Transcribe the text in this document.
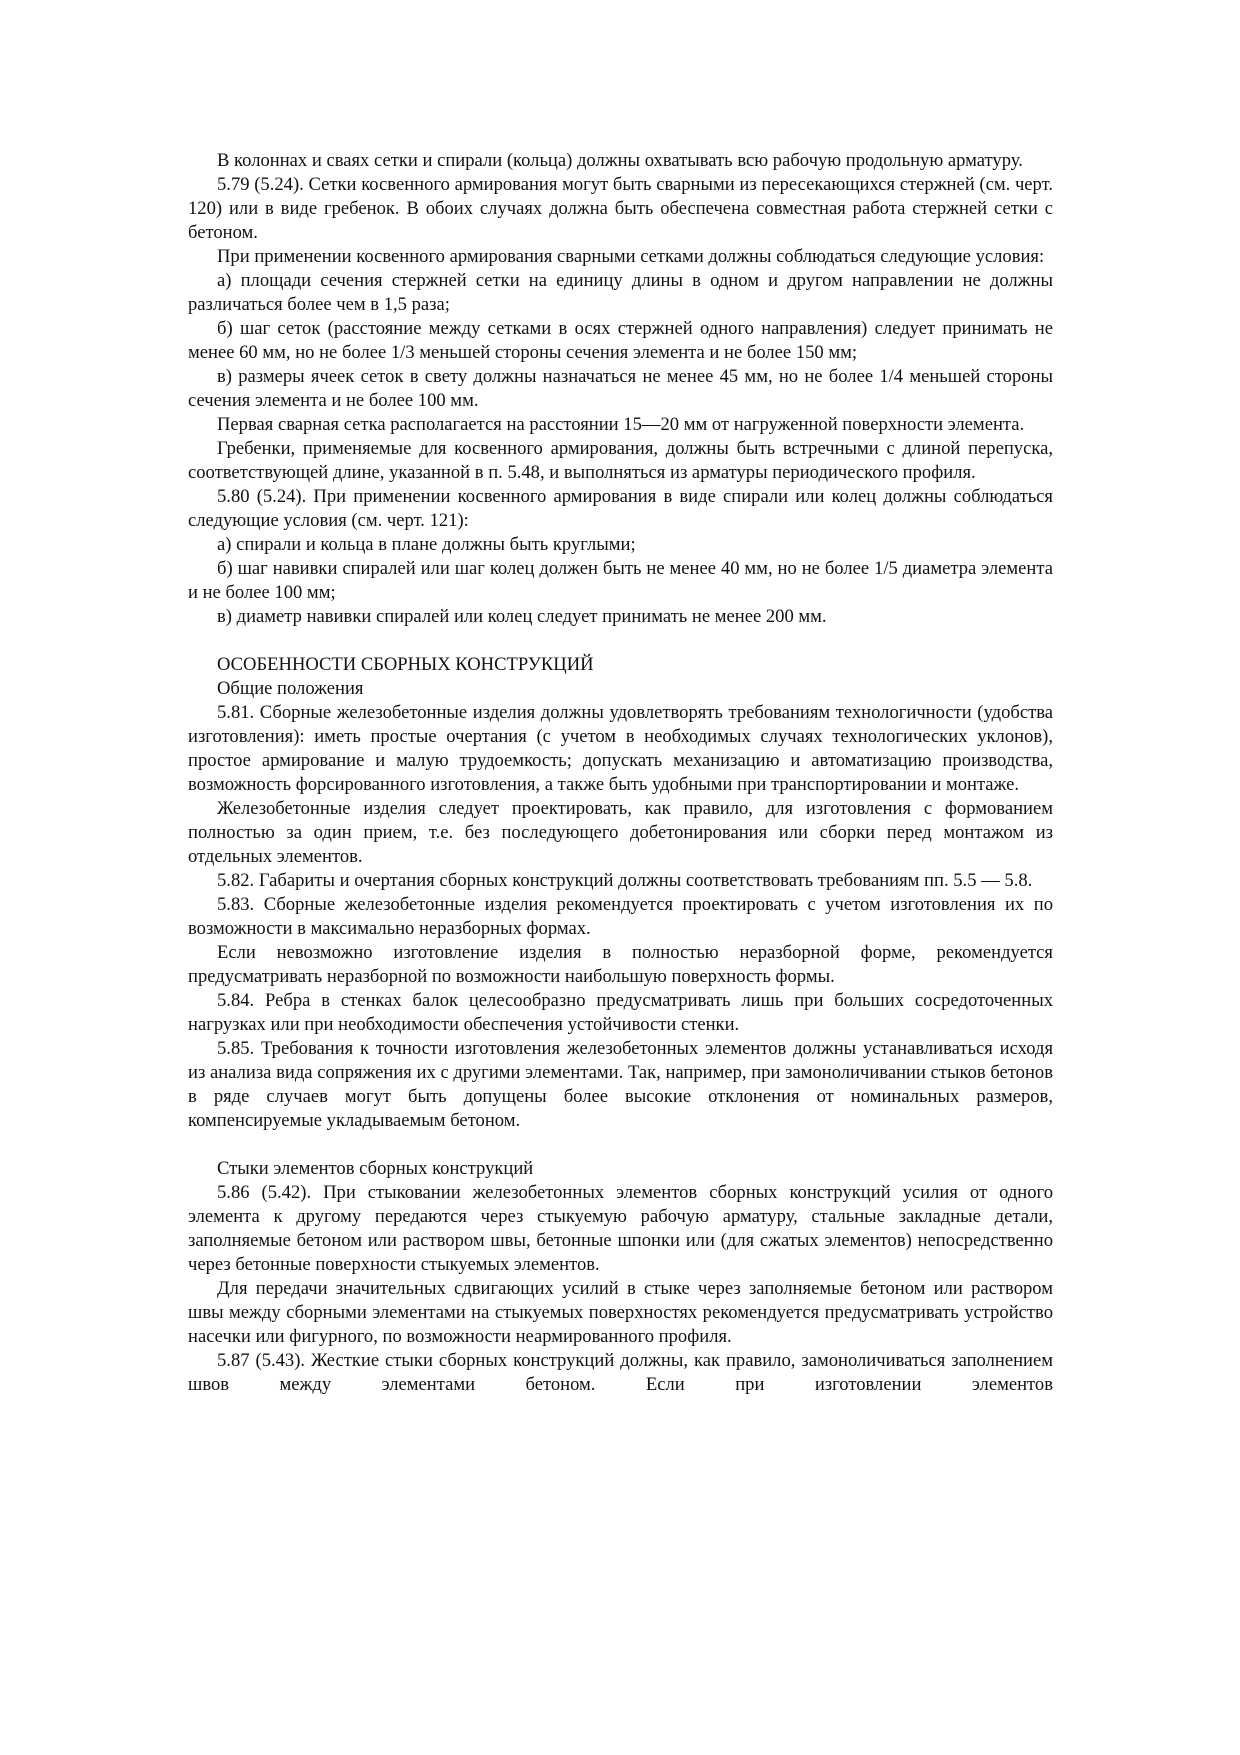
В колоннах и сваях сетки и спирали (кольца) должны охватывать всю рабочую продольную арматуру.

5.79 (5.24). Сетки косвенного армирования могут быть сварными из пересекающихся стержней (см. черт. 120) или в виде гребенок. В обоих случаях должна быть обеспечена совместная работа стержней сетки с бетоном.

При применении косвенного армирования сварными сетками должны соблюдаться следующие условия:

а) площади сечения стержней сетки на единицу длины в одном и другом направлении не должны различаться более чем в 1,5 раза;

б) шаг сеток (расстояние между сетками в осях стержней одного направления) следует принимать не менее 60 мм, но не более 1/3 меньшей стороны сечения элемента и не более 150 мм;

в) размеры ячеек сеток в свету должны назначаться не менее 45 мм, но не более 1/4 меньшей стороны сечения элемента и не более 100 мм.

Первая сварная сетка располагается на расстоянии 15—20 мм от нагруженной поверхности элемента.

Гребенки, применяемые для косвенного армирования, должны быть встречными с длиной перепуска, соответствующей длине, указанной в п. 5.48, и выполняться из арматуры периодического профиля.

5.80 (5.24). При применении косвенного армирования в виде спирали или колец должны соблюдаться следующие условия (см. черт. 121):

а) спирали и кольца в плане должны быть круглыми;

б) шаг навивки спиралей или шаг колец должен быть не менее 40 мм, но не более 1/5 диаметра элемента и не более 100 мм;

в) диаметр навивки спиралей или колец следует принимать не менее 200 мм.

ОСОБЕННОСТИ СБОРНЫХ КОНСТРУКЦИЙ

Общие положения

5.81. Сборные железобетонные изделия должны удовлетворять требованиям технологичности (удобства изготовления): иметь простые очертания (с учетом в необходимых случаях технологических уклонов), простое армирование и малую трудоемкость; допускать механизацию и автоматизацию производства, возможность форсированного изготовления, а также быть удобными при транспортировании и монтаже.

Железобетонные изделия следует проектировать, как правило, для изготовления с формованием полностью за один прием, т.е. без последующего добетонирования или сборки перед монтажом из отдельных элементов.

5.82. Габариты и очертания сборных конструкций должны соответствовать требованиям пп. 5.5 — 5.8.

5.83. Сборные железобетонные изделия рекомендуется проектировать с учетом изготовления их по возможности в максимально неразборных формах.

Если невозможно изготовление изделия в полностью неразборной форме, рекомендуется предусматривать неразборной по возможности наибольшую поверхность формы.

5.84. Ребра в стенках балок целесообразно предусматривать лишь при больших сосредоточенных нагрузках или при необходимости обеспечения устойчивости стенки.

5.85. Требования к точности изготовления железобетонных элементов должны устанавливаться исходя из анализа вида сопряжения их с другими элементами. Так, например, при замоноличивании стыков бетонов в ряде случаев могут быть допущены более высокие отклонения от номинальных размеров, компенсируемые укладываемым бетоном.

Стыки элементов сборных конструкций

5.86 (5.42). При стыковании железобетонных элементов сборных конструкций усилия от одного элемента к другому передаются через стыкуемую рабочую арматуру, стальные закладные детали, заполняемые бетоном или раствором швы, бетонные шпонки или (для сжатых элементов) непосредственно через бетонные поверхности стыкуемых элементов.

Для передачи значительных сдвигающих усилий в стыке через заполняемые бетоном или раствором швы между сборными элементами на стыкуемых поверхностях рекомендуется предусматривать устройство насечки или фигурного, по возможности неармированного профиля.

5.87 (5.43). Жесткие стыки сборных конструкций должны, как правило, замоноличиваться заполнением швов между элементами бетоном. Если при изготовлении элементов
